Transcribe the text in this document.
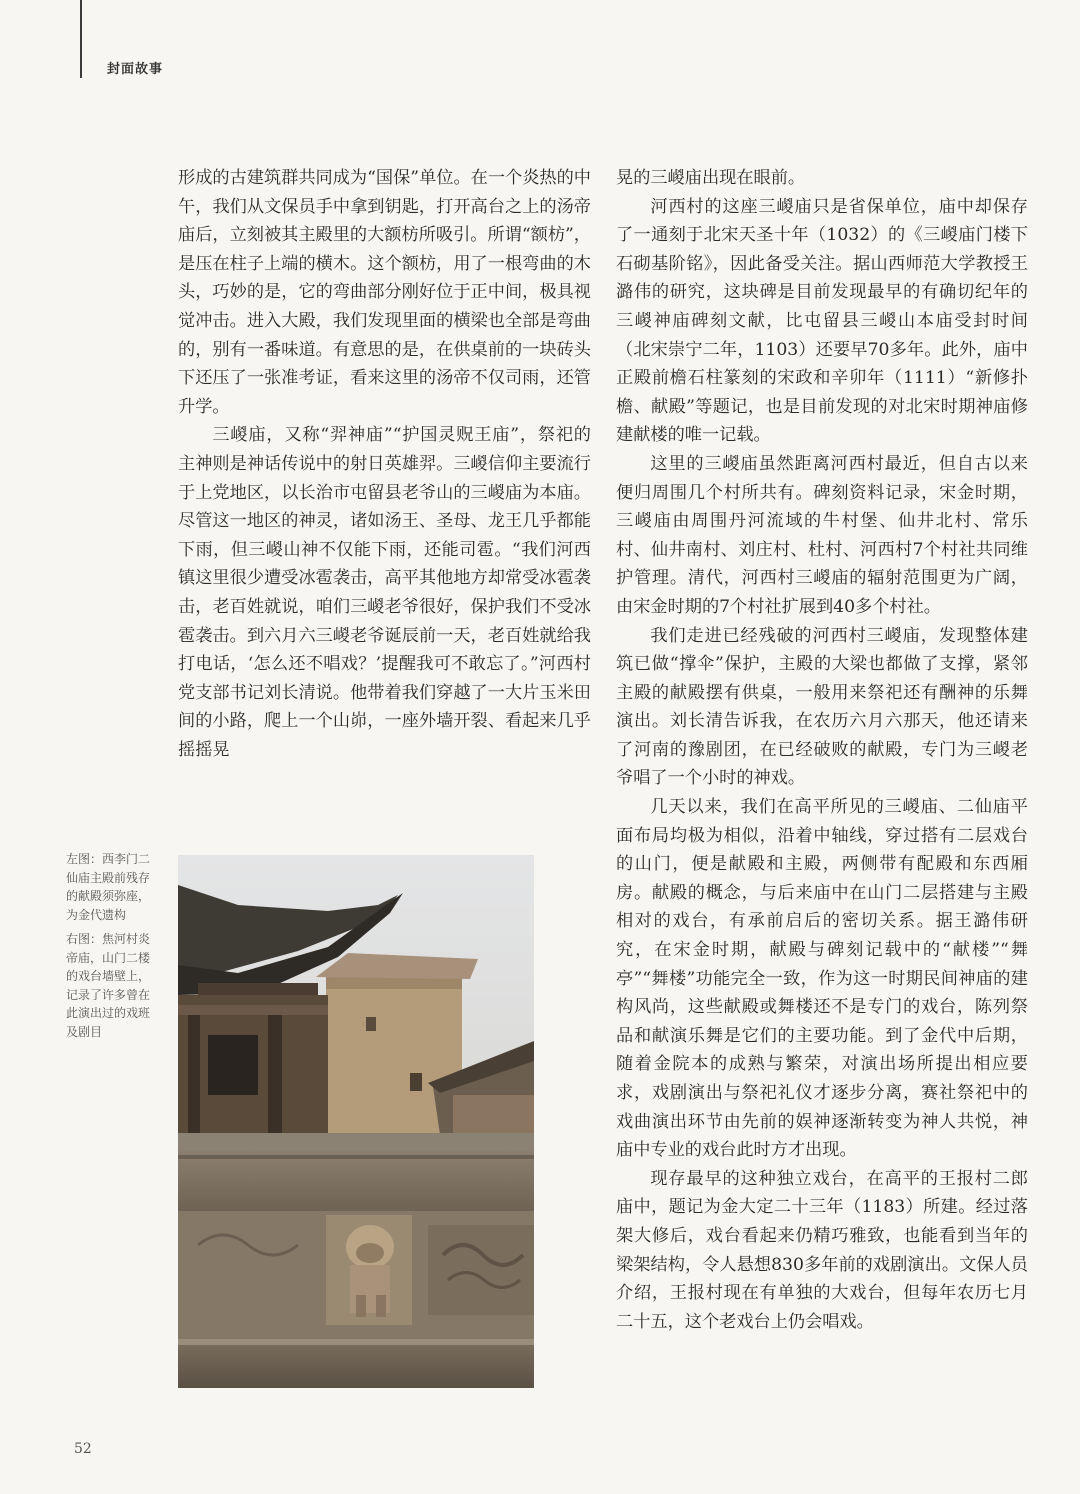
封面故事

形成的古建筑群共同成为“国保”单位。在一个炎热的中午，我们从文保员手中拿到钥匙，打开高台之上的汤帝庙后，立刻被其主殿里的大额枋所吸引。所谓“额枋”，是压在柱子上端的横木。这个额枋，用了一根弯曲的木头，巧妙的是，它的弯曲部分刚好位于正中间，极具视觉冲击。进入大殿，我们发现里面的横梁也全部是弯曲的，别有一番味道。有意思的是，在供桌前的一块砖头下还压了一张准考证，看来这里的汤帝不仅司雨，还管升学。

三嵕庙，又称“羿神庙”“护国灵贶王庙”，祭祀的主神则是神话传说中的射日英雄羿。三嵕信仰主要流行于上党地区，以长治市屯留县老爷山的三嵕庙为本庙。尽管这一地区的神灵，诸如汤王、圣母、龙王几乎都能下雨，但三嵕山神不仅能下雨，还能司雹。“我们河西镇这里很少遭受冰雹袭击，高平其他地方却常受冰雹袭击，老百姓就说，咱们三嵕老爷很好，保护我们不受冰雹袭击。到六月六三嵕老爷诞辰前一天，老百姓就给我打电话，‘怎么还不唱戏？’提醒我可不敢忘了。”河西村党支部书记刘长清说。他带着我们穿越了一大片玉米田间的小路，爬上一个山峁，一座外墙开裂、看起来几乎摇摇晃

晃的三嵕庙出现在眼前。

河西村的这座三嵕庙只是省保单位，庙中却保存了一通刻于北宋天圣十年（1032）的《三嵕庙门楼下石砌基阶铭》，因此备受关注。据山西师范大学教授王潞伟的研究，这块碑是目前发现最早的有确切纪年的三嵕神庙碑刻文献，比屯留县三嵕山本庙受封时间（北宋崇宁二年，1103）还要早70多年。此外，庙中正殿前檐石柱篆刻的宋政和辛卯年（1111）“新修扑檐、献殿”等题记，也是目前发现的对北宋时期神庙修建献楼的唯一记载。

这里的三嵕庙虽然距离河西村最近，但自古以来便归周围几个村所共有。碑刻资料记录，宋金时期，三嵕庙由周围丹河流域的牛村堡、仙井北村、常乐村、仙井南村、刘庄村、杜村、河西村7个村社共同维护管理。清代，河西村三嵕庙的辐射范围更为广阔，由宋金时期的7个村社扩展到40多个村社。

我们走进已经残破的河西村三嵕庙，发现整体建筑已做“撑伞”保护，主殿的大梁也都做了支撑，紧邻主殿的献殿摆有供桌，一般用来祭祀还有酬神的乐舞演出。刘长清告诉我，在农历六月六那天，他还请来了河南的豫剧团，在已经破败的献殿，专门为三嵕老爷唱了一个小时的神戏。

几天以来，我们在高平所见的三嵕庙、二仙庙平面布局均极为相似，沿着中轴线，穿过搭有二层戏台的山门，便是献殿和主殿，两侧带有配殿和东西厢房。献殿的概念，与后来庙中在山门二层搭建与主殿相对的戏台，有承前启后的密切关系。据王潞伟研究，在宋金时期，献殿与碑刻记载中的“献楼”“舞亭”“舞楼”功能完全一致，作为这一时期民间神庙的建构风尚，这些献殿或舞楼还不是专门的戏台，陈列祭品和献演乐舞是它们的主要功能。到了金代中后期，随着金院本的成熟与繁荣，对演出场所提出相应要求，戏剧演出与祭祀礼仪才逐步分离，赛社祭祀中的戏曲演出环节由先前的娱神逐渐转变为神人共悦，神庙中专业的戏台此时方才出现。

现存最早的这种独立戏台，在高平的王报村二郎庙中，题记为金大定二十三年（1183）所建。经过落架大修后，戏台看起来仍精巧雅致，也能看到当年的梁架结构，令人悬想830多年前的戏剧演出。文保人员介绍，王报村现在有单独的大戏台，但每年农历七月二十五，这个老戏台上仍会唱戏。

左图：西李门二仙庙主殿前残存的献殿须弥座，为金代遗构

右图：焦河村炎帝庙，山门二楼的戏台墙壁上，记录了许多曾在此演出过的戏班及剧目

52
